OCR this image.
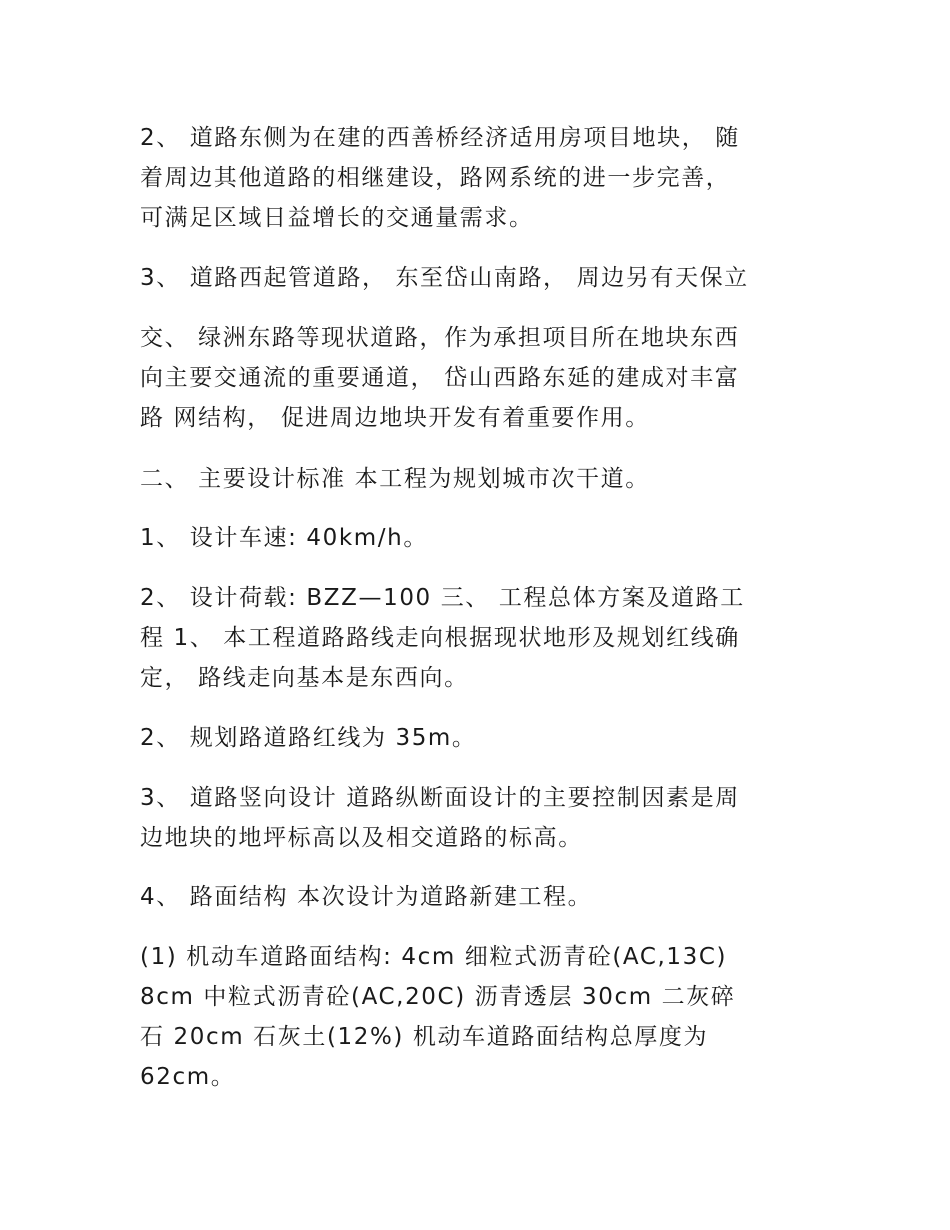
2、 道路东侧为在建的西善桥经济适用房项目地块， 随
着周边其他道路的相继建设，路网系统的进一步完善，
可满足区域日益增长的交通量需求。

3、 道路西起管道路， 东至岱山南路， 周边另有天保立

交、 绿洲东路等现状道路，作为承担项目所在地块东西
向主要交通流的重要通道， 岱山西路东延的建成对丰富
路 网结构， 促进周边地块开发有着重要作用。

二、 主要设计标准 本工程为规划城市次干道。

1、 设计车速: 40km/h。

2、 设计荷载: BZZ—100 三、 工程总体方案及道路工
程 1、 本工程道路路线走向根据现状地形及规划红线确
定， 路线走向基本是东西向。

2、 规划路道路红线为 35m。

3、 道路竖向设计 道路纵断面设计的主要控制因素是周
边地块的地坪标高以及相交道路的标高。

4、 路面结构 本次设计为道路新建工程。

(1) 机动车道路面结构: 4cm 细粒式沥青砼(AC,13C)
8cm 中粒式沥青砼(AC,20C) 沥青透层 30cm 二灰碎
石 20cm 石灰土(12%) 机动车道路面结构总厚度为
62cm。
